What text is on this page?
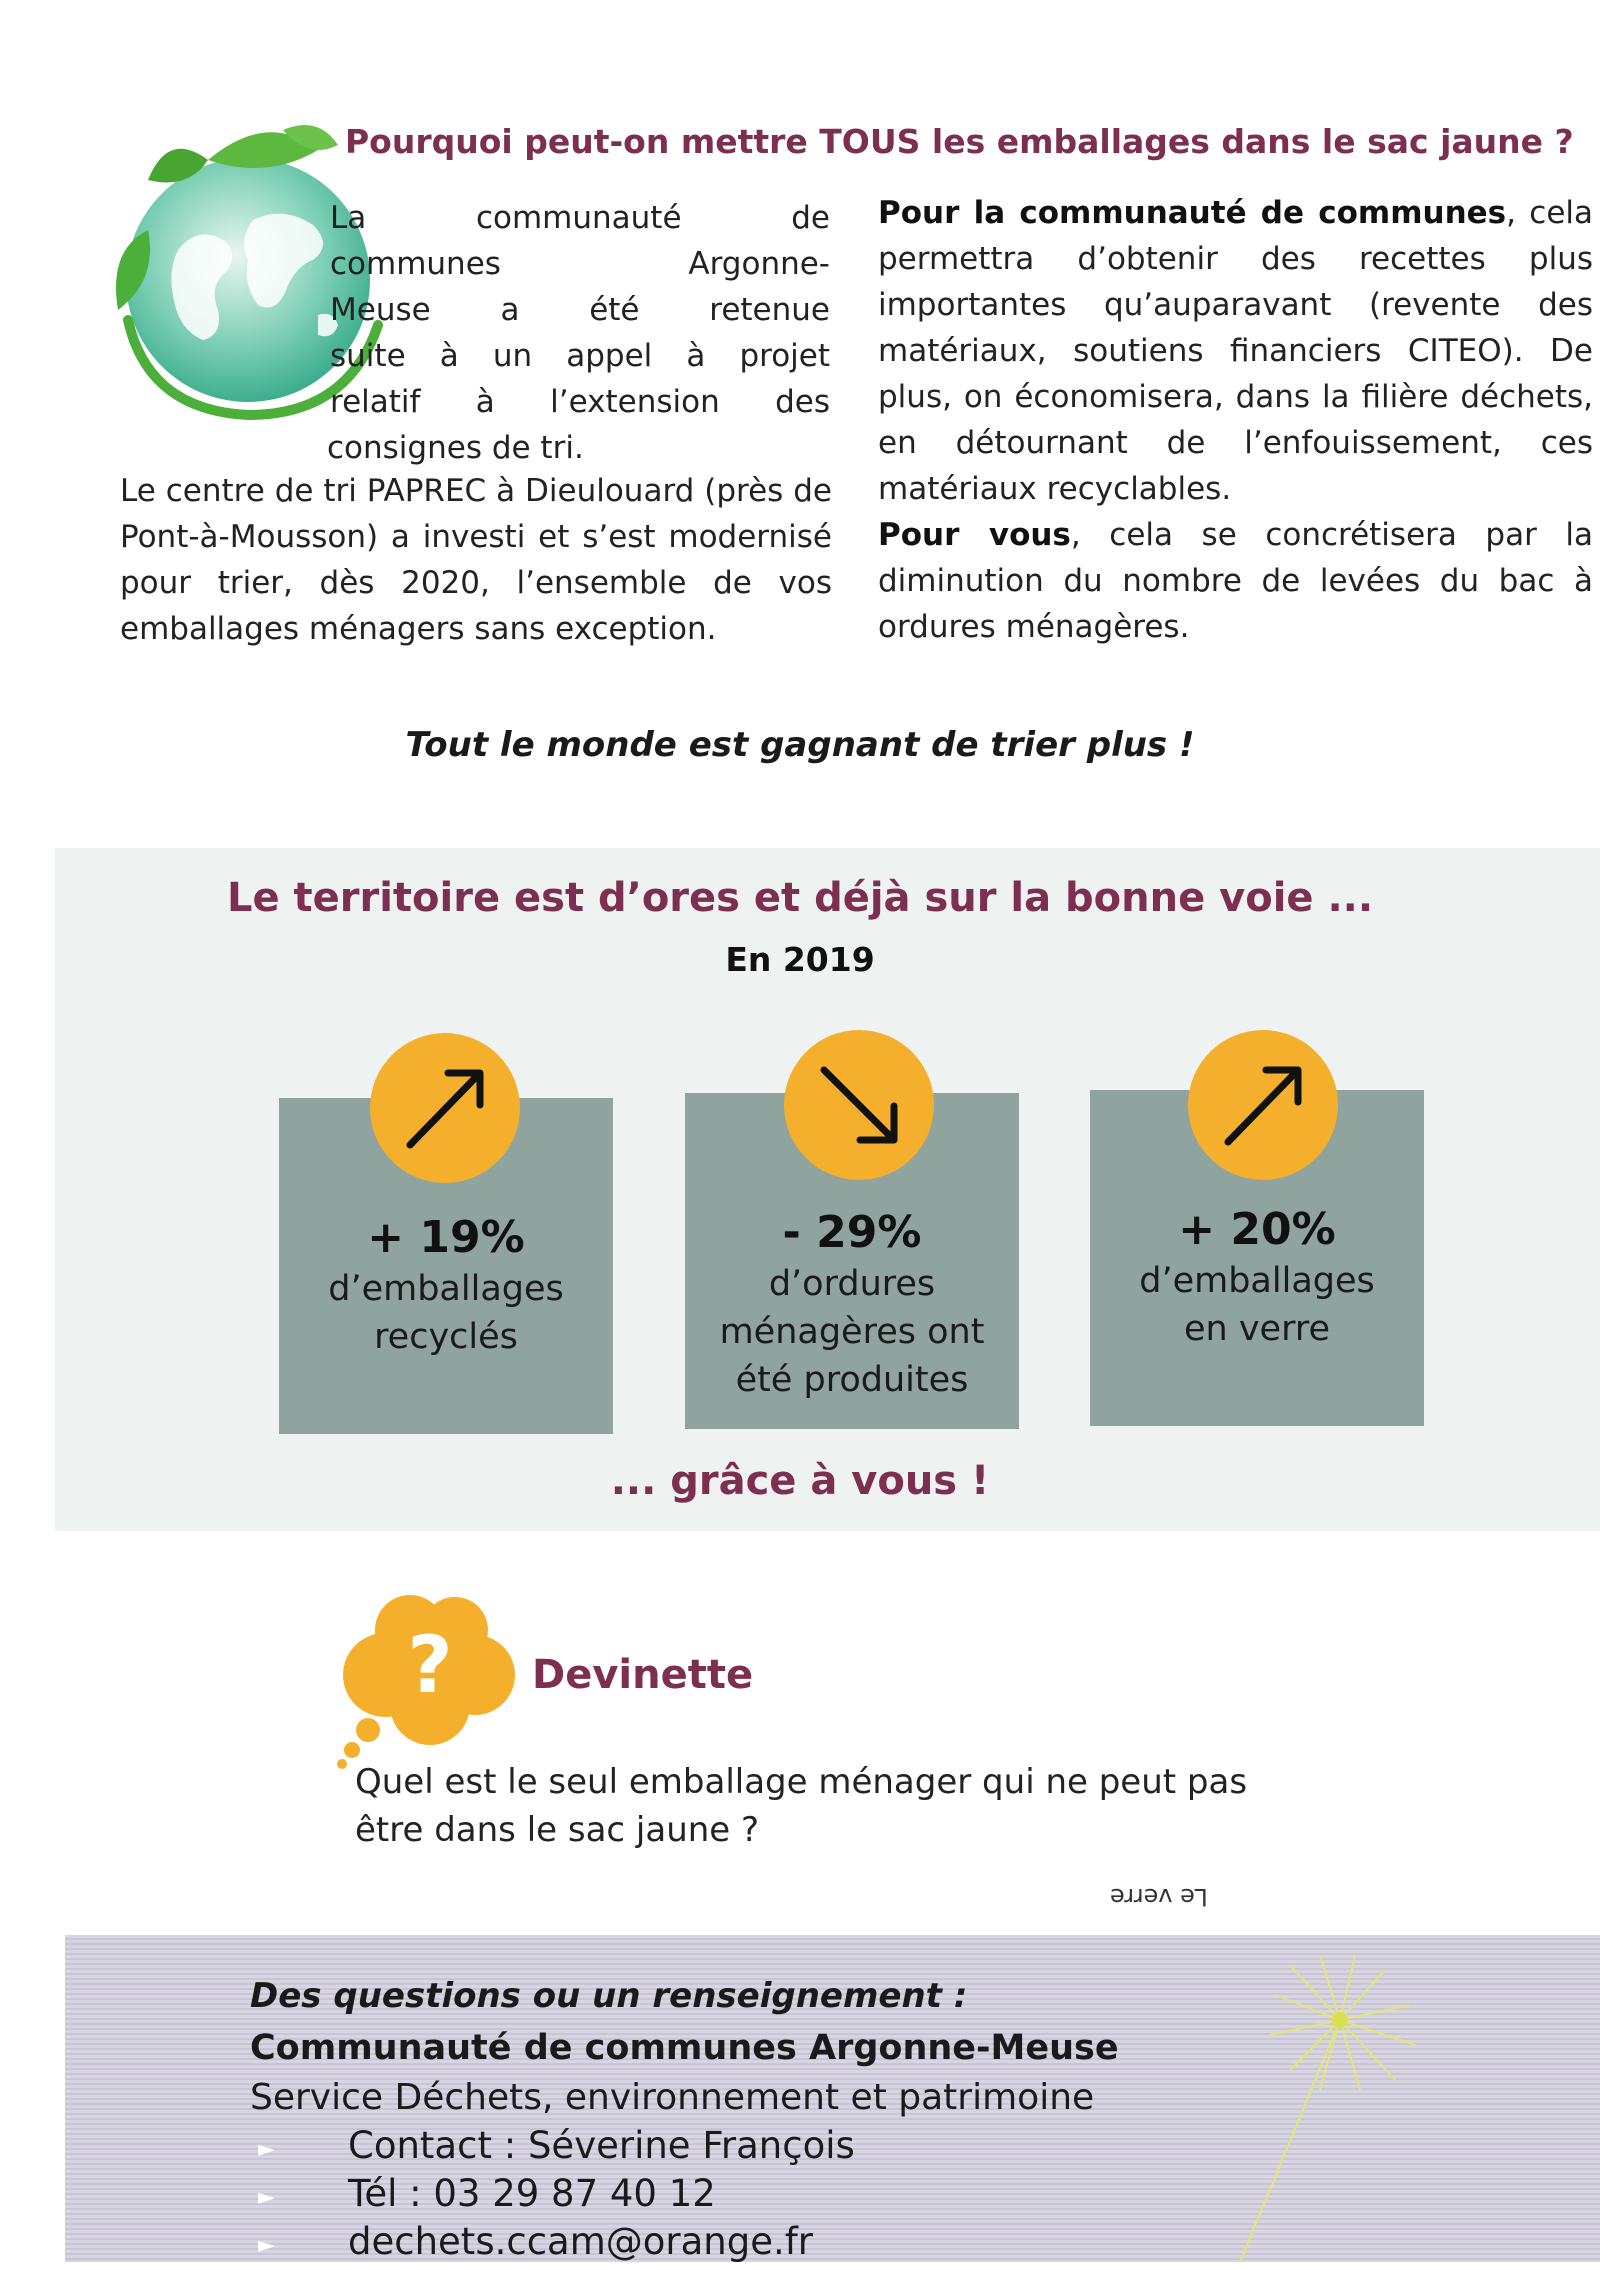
Pourquoi peut-on mettre TOUS les emballages dans le sac jaune ?

La communauté de

communes Argonne-

Meuse a été retenue

suite à un appel à projet

relatif à l’extension des

consignes de tri.

Le centre de tri PAPREC à Dieulouard (près de Pont-à-Mousson) a investi et s’est modernisé pour trier, dès 2020, l’ensemble de vos emballages ménagers sans exception.

Pour la communauté de communes, cela permettra d’obtenir des recettes plus importantes qu’auparavant (revente des matériaux, soutiens financiers CITEO). De plus, on économisera, dans la filière déchets, en détournant de l’enfouissement, ces matériaux recyclables.

Pour vous, cela se concrétisera par la diminution du nombre de levées du bac à ordures ménagères.

Tout le monde est gagnant de trier plus !
Le territoire est d’ores et déjà sur la bonne voie ...
En 2019
+ 19%
d’emballages recyclés
- 29%
d’ordures ménagères ont été produites
+ 20%
d’emballages en verre
... grâce à vous !
? Devinette
Quel est le seul emballage ménager qui ne peut pas être dans le sac jaune ?
Le verre
Des questions ou un renseignement :
Communauté de communes Argonne-Meuse
Service Déchets, environnement et patrimoine
► Contact : Séverine François
► Tél : 03 29 87 40 12
► dechets.ccam@orange.fr
